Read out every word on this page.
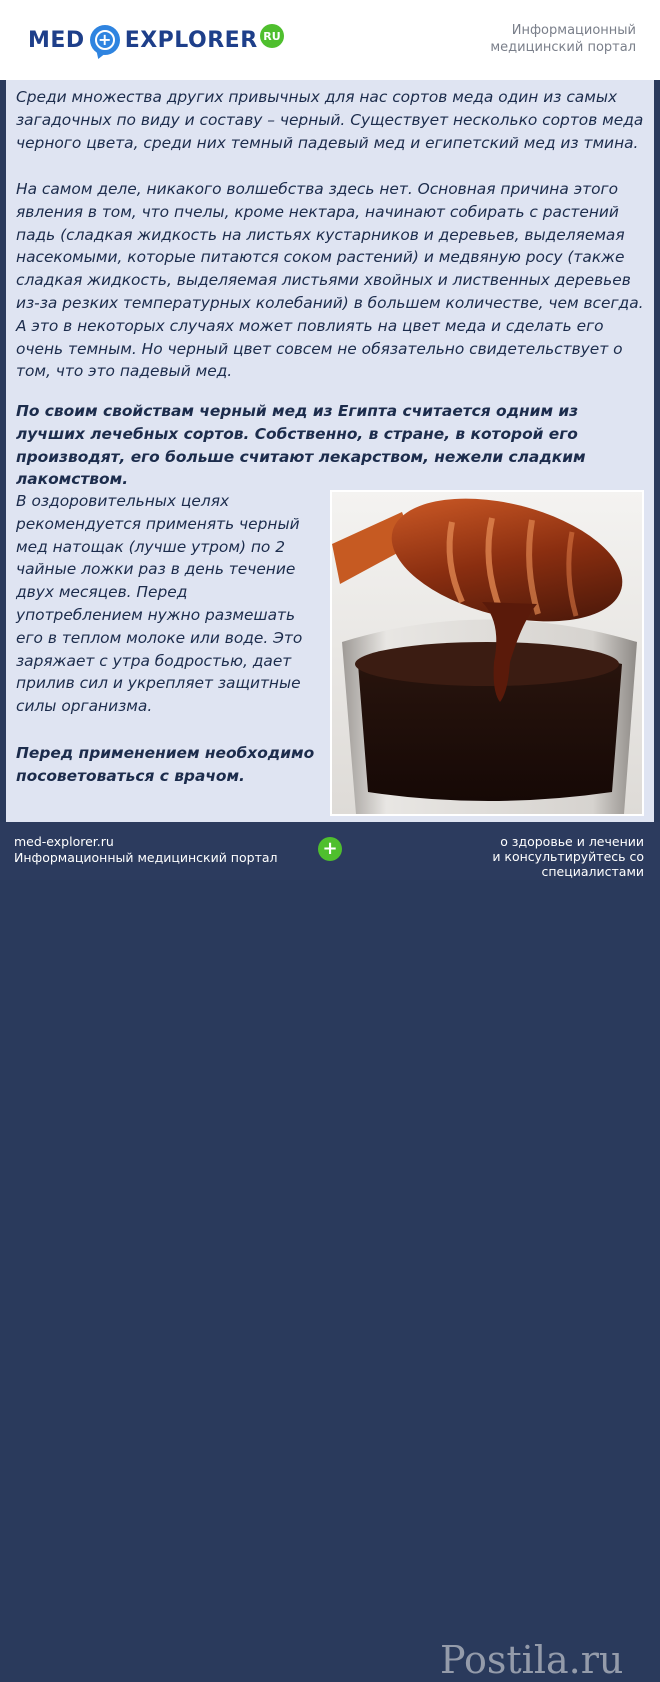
MED + EXPLORER RU	Информационный
медицинский портал

Среди множества других привычных для нас сортов меда один из самых загадочных по виду и составу – черный. Существует несколько сортов меда черного цвета, среди них темный падевый мед и египетский мед из тмина.

На самом деле, никакого волшебства здесь нет. Основная причина этого явления в том, что пчелы, кроме нектара, начинают собирать с растений падь (сладкая жидкость на листьях кустарников и деревьев, выделяемая насекомыми, которые питаются соком растений) и медвяную росу (также сладкая жидкость, выделяемая листьями хвойных и лиственных деревьев из-за резких температурных колебаний) в большем количестве, чем всегда. А это в некоторых случаях может повлиять на цвет меда и сделать его очень темным. Но черный цвет совсем не обязательно свидетельствует о том, что это падевый мед.

По своим свойствам черный мед из Египта считается одним из лучших лечебных сортов. Собственно, в стране, в которой его производят, его больше считают лекарством, нежели сладким лакомством.

В оздоровительных целях рекомендуется применять черный мед натощак (лучше утром) по 2 чайные ложки раз в день течение двух месяцев. Перед употреблением нужно размешать его в теплом молоке или воде. Это заряжает с утра бодростью, дает прилив сил и укрепляет защитные силы организма.

Перед применением необходимо посоветоваться с врачом.

med-explorer.ru
Информационный медицинский портал +	о здоровье и лечении
и консультируйтесь со специалистами
Postila.ru
